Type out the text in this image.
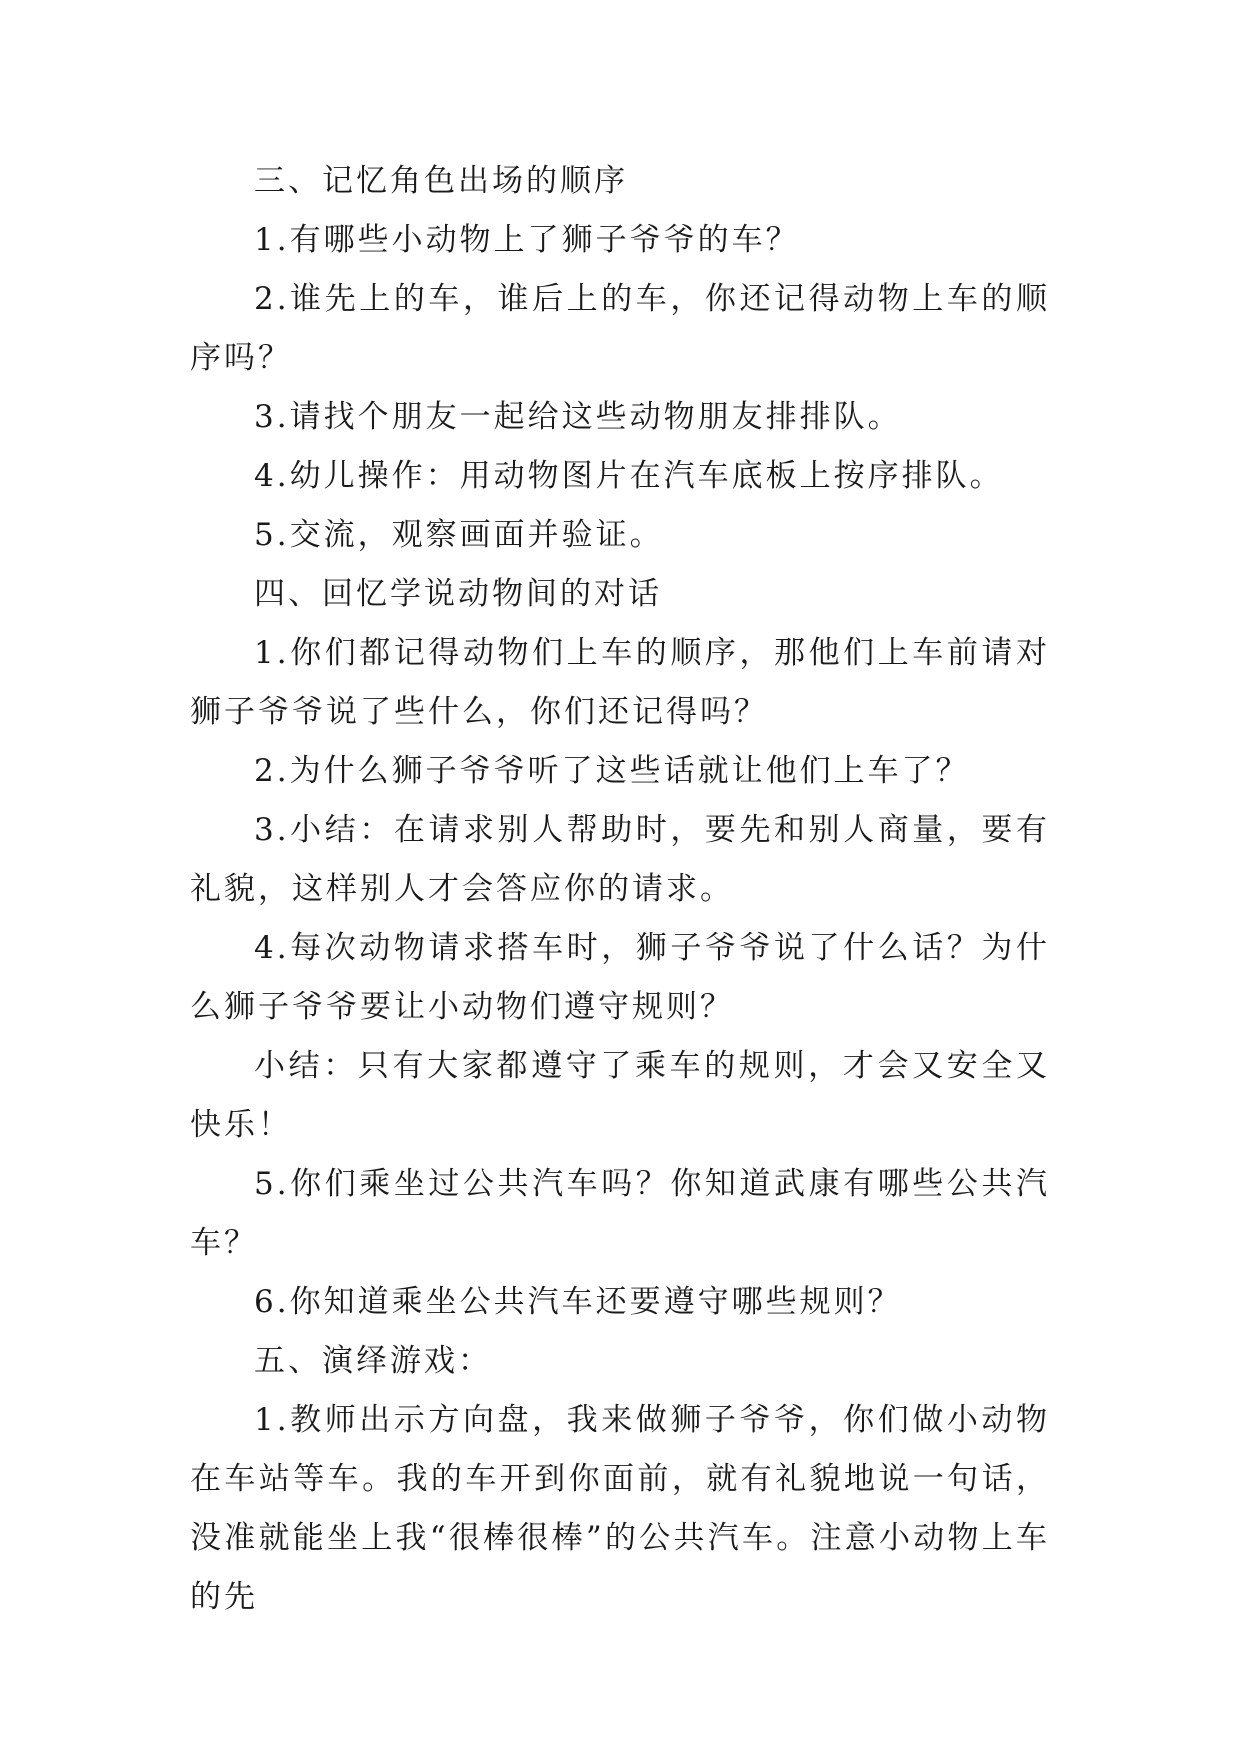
三、记忆角色出场的顺序

1.有哪些小动物上了狮子爷爷的车？

2.谁先上的车，谁后上的车，你还记得动物上车的顺序吗？

3.请找个朋友一起给这些动物朋友排排队。

4.幼儿操作：用动物图片在汽车底板上按序排队。

5.交流，观察画面并验证。

四、回忆学说动物间的对话

1.你们都记得动物们上车的顺序，那他们上车前请对狮子爷爷说了些什么，你们还记得吗？

2.为什么狮子爷爷听了这些话就让他们上车了？

3.小结：在请求别人帮助时，要先和别人商量，要有礼貌，这样别人才会答应你的请求。

4.每次动物请求搭车时，狮子爷爷说了什么话？为什么狮子爷爷要让小动物们遵守规则？

小结：只有大家都遵守了乘车的规则，才会又安全又快乐！

5.你们乘坐过公共汽车吗？你知道武康有哪些公共汽车？

6.你知道乘坐公共汽车还要遵守哪些规则？

五、演绎游戏：

1.教师出示方向盘，我来做狮子爷爷，你们做小动物在车站等车。我的车开到你面前，就有礼貌地说一句话，没准就能坐上我“很棒很棒”的公共汽车。注意小动物上车的先
